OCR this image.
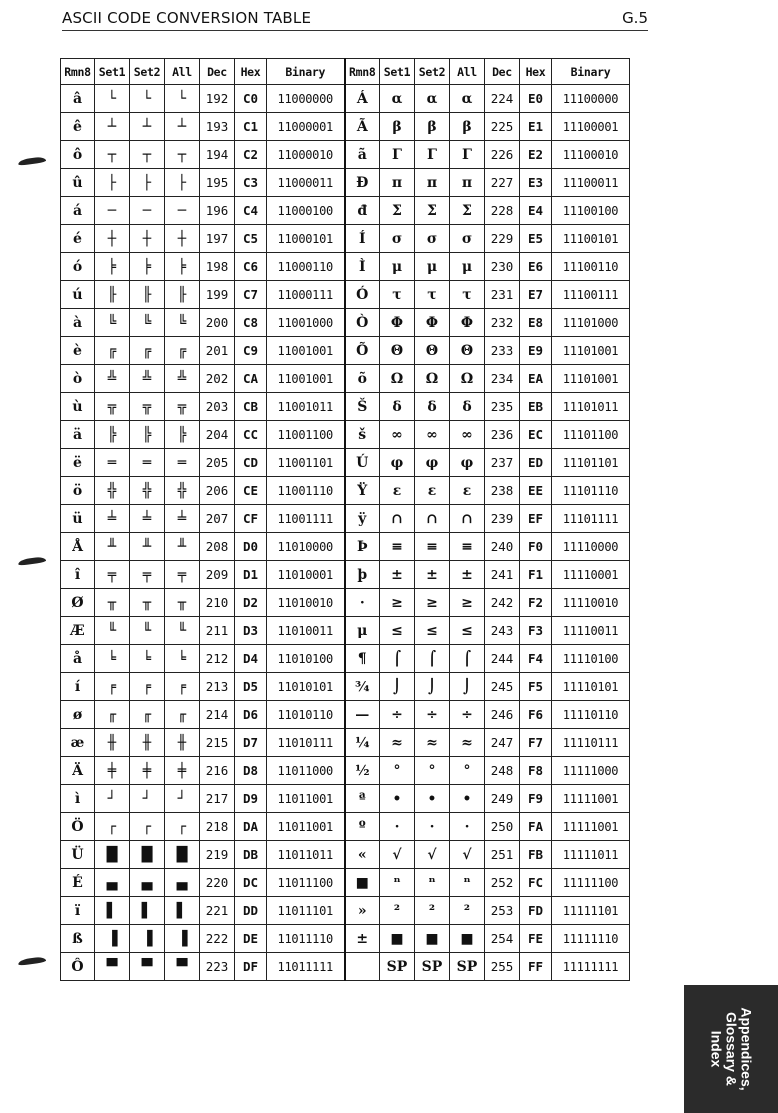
ASCII CODE CONVERSION TABLE	G.5
Rmn8	Set1	Set2	All	Dec	Hex	Binary	Rmn8	Set1	Set2	All	Dec	Hex	Binary
â	└	└	└	192	C0	11000000	Á	α	α	α	224	E0	11100000
ê	┴	┴	┴	193	C1	11000001	Ã	β	β	β	225	E1	11100001
ô	┬	┬	┬	194	C2	11000010	ã	Γ	Γ	Γ	226	E2	11100010
û	├	├	├	195	C3	11000011	Ð	π	π	π	227	E3	11100011
á	─	─	─	196	C4	11000100	đ	Σ	Σ	Σ	228	E4	11100100
é	┼	┼	┼	197	C5	11000101	Í	σ	σ	σ	229	E5	11100101
ó	╞	╞	╞	198	C6	11000110	Ì	μ	μ	μ	230	E6	11100110
ú	╟	╟	╟	199	C7	11000111	Ó	τ	τ	τ	231	E7	11100111
à	╚	╚	╚	200	C8	11001000	Ò	Φ	Φ	Φ	232	E8	11101000
è	╔	╔	╔	201	C9	11001001	Õ	Θ	Θ	Θ	233	E9	11101001
ò	╩	╩	╩	202	CA	11001001	õ	Ω	Ω	Ω	234	EA	11101001
ù	╦	╦	╦	203	CB	11001011	Š	δ	δ	δ	235	EB	11101011
ä	╠	╠	╠	204	CC	11001100	š	∞	∞	∞	236	EC	11101100
ë	═	═	═	205	CD	11001101	Ú	φ	φ	φ	237	ED	11101101
ö	╬	╬	╬	206	CE	11001110	Ÿ	ε	ε	ε	238	EE	11101110
ü	╧	╧	╧	207	CF	11001111	ÿ	∩	∩	∩	239	EF	11101111
Å	╨	╨	╨	208	D0	11010000	Þ	≡	≡	≡	240	F0	11110000
î	╤	╤	╤	209	D1	11010001	þ	±	±	±	241	F1	11110001
Ø	╥	╥	╥	210	D2	11010010	·	≥	≥	≥	242	F2	11110010
Æ	╙	╙	╙	211	D3	11010011	μ	≤	≤	≤	243	F3	11110011
å	╘	╘	╘	212	D4	11010100	¶	⌠	⌠	⌠	244	F4	11110100
í	╒	╒	╒	213	D5	11010101	¾	⌡	⌡	⌡	245	F5	11110101
ø	╓	╓	╓	214	D6	11010110	—	÷	÷	÷	246	F6	11110110
æ	╫	╫	╫	215	D7	11010111	¼	≈	≈	≈	247	F7	11110111
Ä	╪	╪	╪	216	D8	11011000	½	°	°	°	248	F8	11111000
ì	┘	┘	┘	217	D9	11011001	ª	•	•	•	249	F9	11111001
Ö	┌	┌	┌	218	DA	11011001	º	·	·	·	250	FA	11111001
Ü	█	█	█	219	DB	11011011	«	√	√	√	251	FB	11111011
É	▄	▄	▄	220	DC	11011100	■	ⁿ	ⁿ	ⁿ	252	FC	11111100
ï	▌	▌	▌	221	DD	11011101	»	²	²	²	253	FD	11111101
ß	▐	▐	▐	222	DE	11011110	±	■	■	■	254	FE	11111110
Ô	▀	▀	▀	223	DF	11011111		SP	SP	SP	255	FF	11111111
Appendices,
Glossary &
Index
